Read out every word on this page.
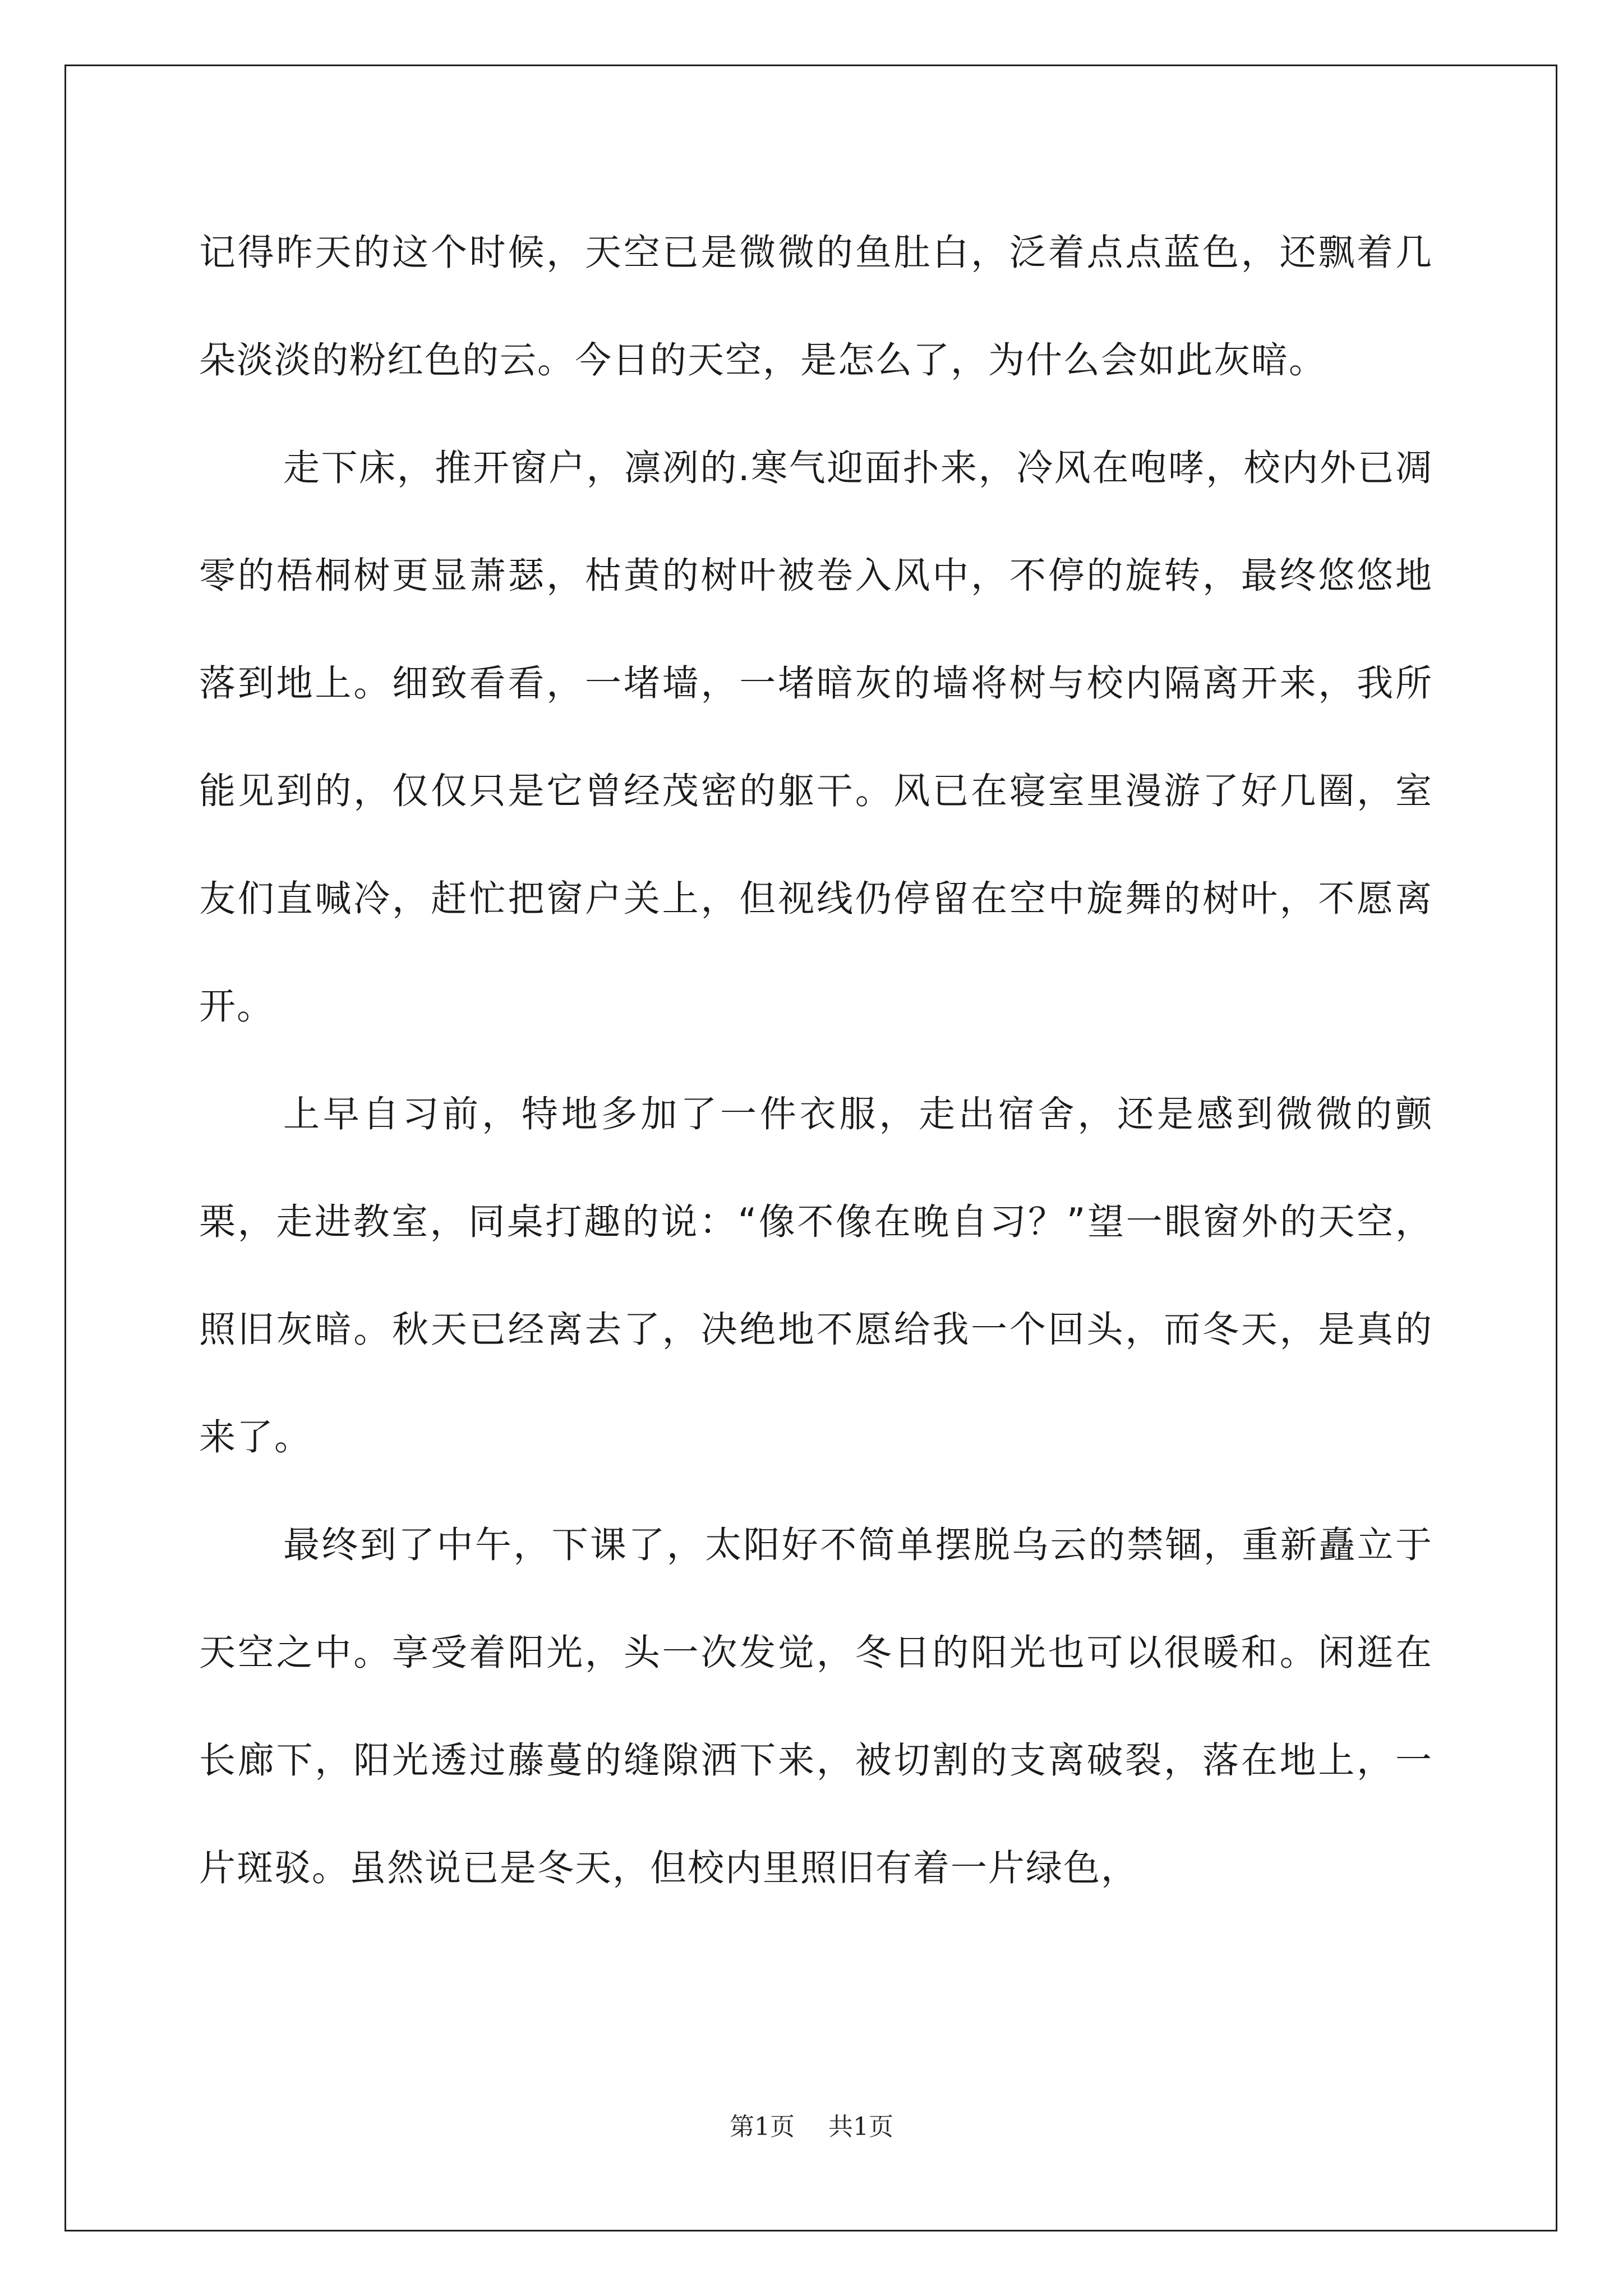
记得昨天的这个时候，天空已是微微的鱼肚白，泛着点点蓝色，还飘着几朵淡淡的粉红色的云。今日的天空，是怎么了，为什么会如此灰暗。

走下床，推开窗户，凛冽的.寒气迎面扑来，冷风在咆哮，校内外已凋零的梧桐树更显萧瑟，枯黄的树叶被卷入风中，不停的旋转，最终悠悠地落到地上。细致看看，一堵墙，一堵暗灰的墙将树与校内隔离开来，我所能见到的，仅仅只是它曾经茂密的躯干。风已在寝室里漫游了好几圈，室友们直喊冷，赶忙把窗户关上，但视线仍停留在空中旋舞的树叶，不愿离开。

上早自习前，特地多加了一件衣服，走出宿舍，还是感到微微的颤栗，走进教室，同桌打趣的说：“像不像在晚自习？”望一眼窗外的天空，照旧灰暗。秋天已经离去了，决绝地不愿给我一个回头，而冬天，是真的来了。

最终到了中午，下课了，太阳好不简单摆脱乌云的禁锢，重新矗立于天空之中。享受着阳光，头一次发觉，冬日的阳光也可以很暖和。闲逛在长廊下，阳光透过藤蔓的缝隙洒下来，被切割的支离破裂，落在地上，一片斑驳。虽然说已是冬天，但校内里照旧有着一片绿色，

第1页 共1页
